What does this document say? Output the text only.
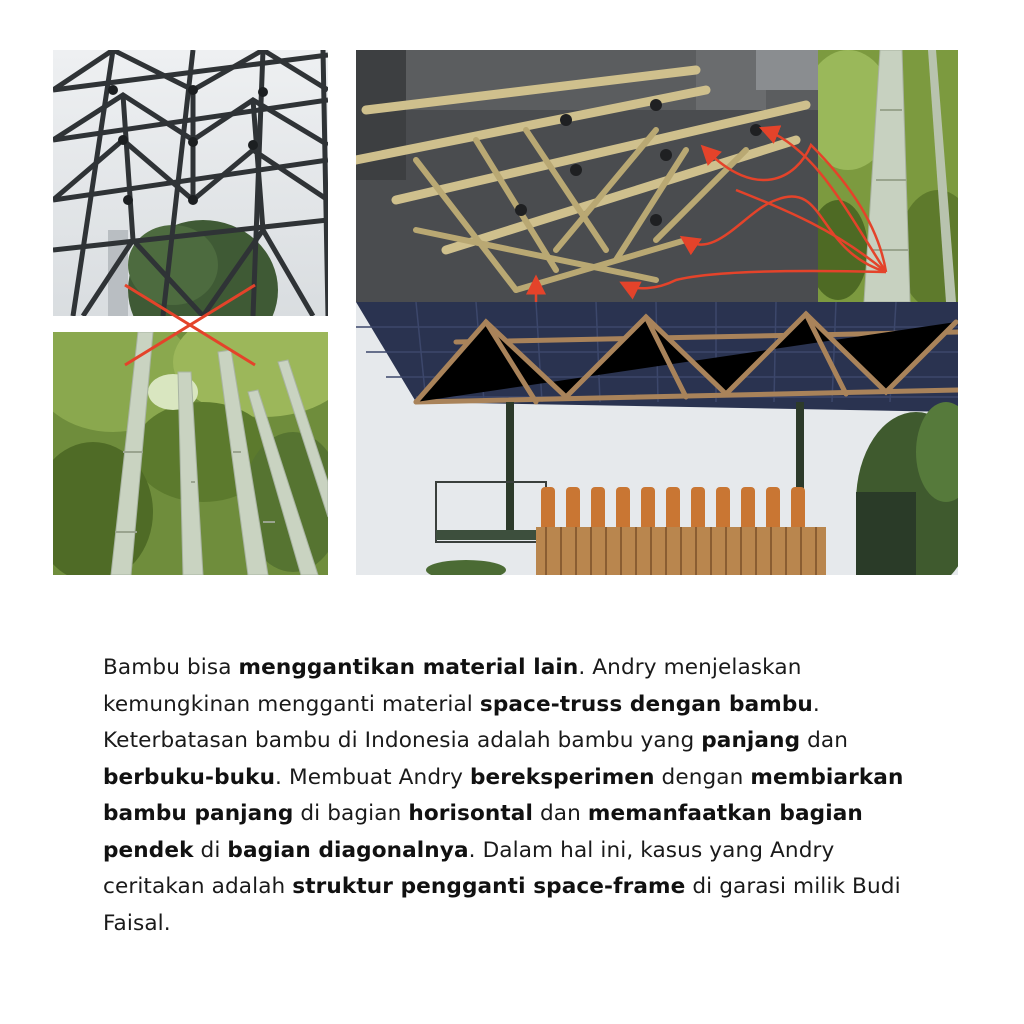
Bambu bisa menggantikan material lain. Andry menjelaskan kemungkinan mengganti material space-truss dengan bambu. Keterbatasan bambu di Indonesia adalah bambu yang panjang dan berbuku-buku. Membuat Andry bereksperimen dengan membiarkan bambu panjang di bagian horisontal dan memanfaatkan bagian pendek di bagian diagonalnya. Dalam hal ini, kasus yang Andry ceritakan adalah struktur pengganti space-frame di garasi milik Budi Faisal.
